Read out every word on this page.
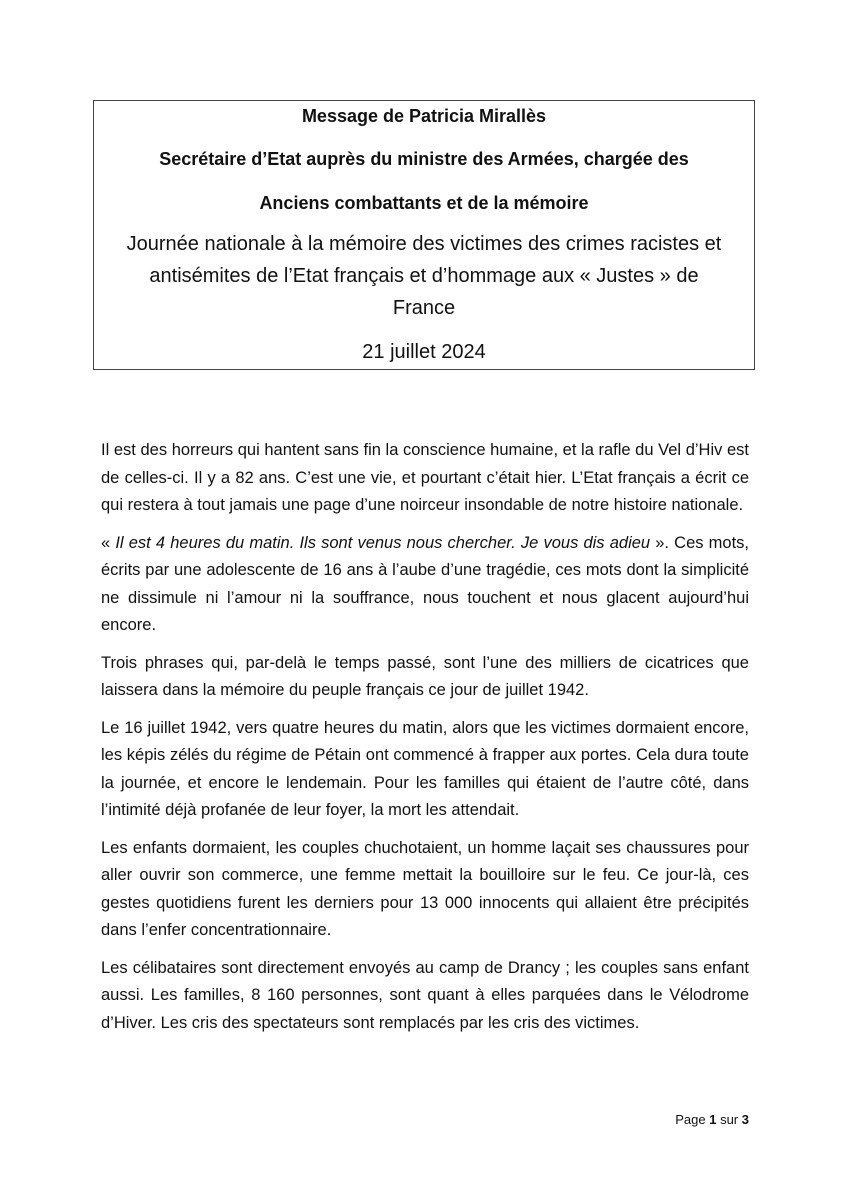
Message de Patricia Mirallès
Secrétaire d’Etat auprès du ministre des Armées, chargée des
Anciens combattants et de la mémoire
Journée nationale à la mémoire des victimes des crimes racistes et
antisémites de l’Etat français et d’hommage aux « Justes » de
France
21 juillet 2024

Il est des horreurs qui hantent sans fin la conscience humaine, et la rafle du Vel d’Hiv est de celles-ci. Il y a 82 ans. C’est une vie, et pourtant c’était hier. L’Etat français a écrit ce qui restera à tout jamais une page d’une noirceur insondable de notre histoire nationale.

« Il est 4 heures du matin. Ils sont venus nous chercher. Je vous dis adieu ». Ces mots, écrits par une adolescente de 16 ans à l’aube d’une tragédie, ces mots dont la simplicité ne dissimule ni l’amour ni la souffrance, nous touchent et nous glacent aujourd’hui encore.

Trois phrases qui, par-delà le temps passé, sont l’une des milliers de cicatrices que laissera dans la mémoire du peuple français ce jour de juillet 1942.

Le 16 juillet 1942, vers quatre heures du matin, alors que les victimes dormaient encore, les képis zélés du régime de Pétain ont commencé à frapper aux portes. Cela dura toute la journée, et encore le lendemain. Pour les familles qui étaient de l’autre côté, dans l’intimité déjà profanée de leur foyer, la mort les attendait.

Les enfants dormaient, les couples chuchotaient, un homme laçait ses chaussures pour aller ouvrir son commerce, une femme mettait la bouilloire sur le feu. Ce jour-là, ces gestes quotidiens furent les derniers pour 13 000 innocents qui allaient être précipités dans l’enfer concentrationnaire.

Les célibataires sont directement envoyés au camp de Drancy ; les couples sans enfant aussi. Les familles, 8 160 personnes, sont quant à elles parquées dans le Vélodrome d’Hiver. Les cris des spectateurs sont remplacés par les cris des victimes.

Page 1 sur 3
